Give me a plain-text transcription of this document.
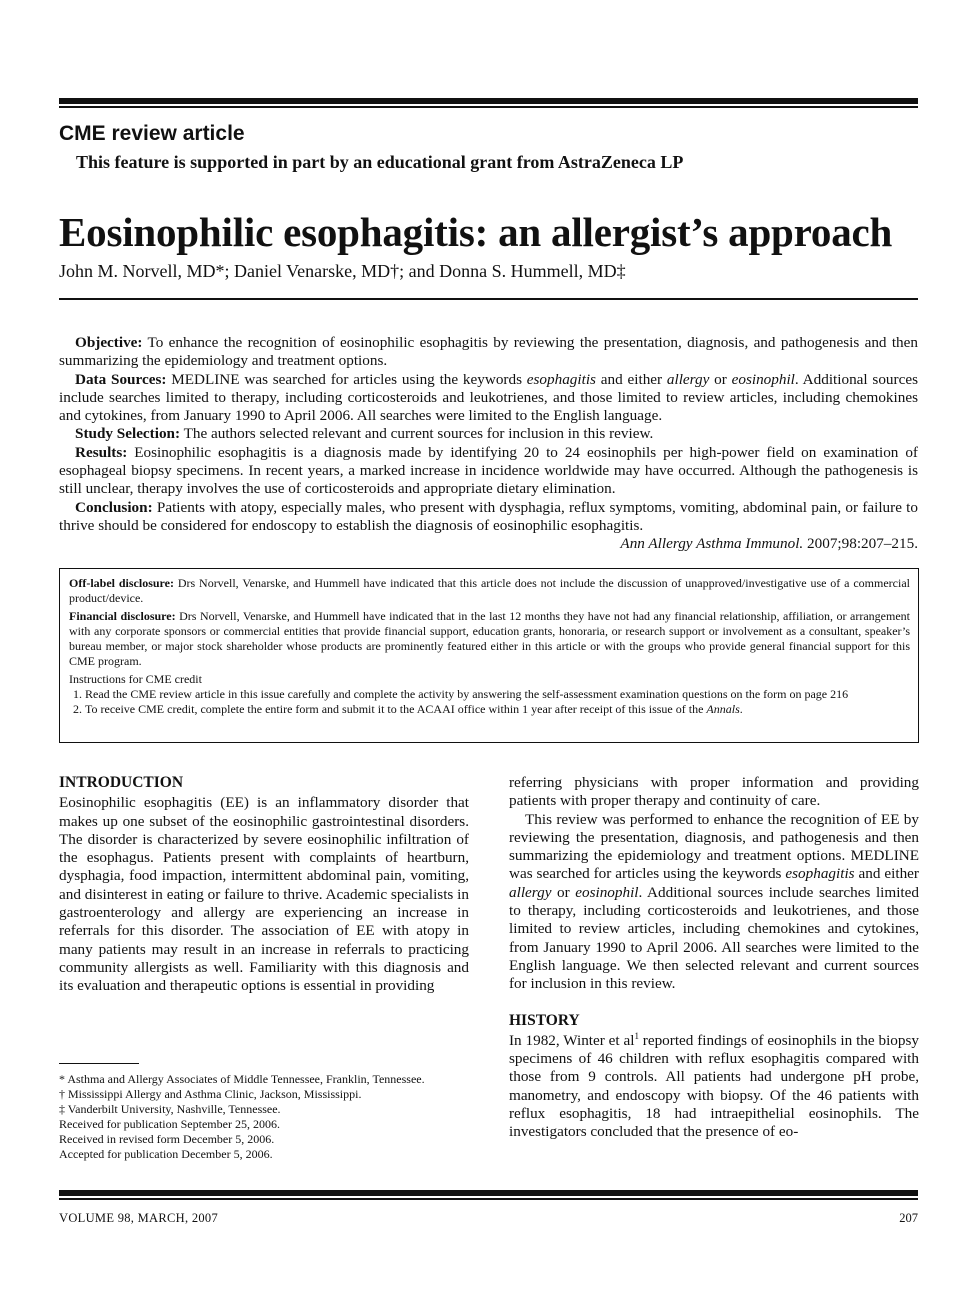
CME review article
This feature is supported in part by an educational grant from AstraZeneca LP
Eosinophilic esophagitis: an allergist’s approach
John M. Norvell, MD*; Daniel Venarske, MD†; and Donna S. Hummell, MD‡

Objective: To enhance the recognition of eosinophilic esophagitis by reviewing the presentation, diagnosis, and pathogenesis and then summarizing the epidemiology and treatment options.

Data Sources: MEDLINE was searched for articles using the keywords esophagitis and either allergy or eosinophil. Additional sources include searches limited to therapy, including corticosteroids and leukotrienes, and those limited to review articles, including chemokines and cytokines, from January 1990 to April 2006. All searches were limited to the English language.

Study Selection: The authors selected relevant and current sources for inclusion in this review.

Results: Eosinophilic esophagitis is a diagnosis made by identifying 20 to 24 eosinophils per high-power field on examination of esophageal biopsy specimens. In recent years, a marked increase in incidence worldwide may have occurred. Although the pathogenesis is still unclear, therapy involves the use of corticosteroids and appropriate dietary elimination.

Conclusion: Patients with atopy, especially males, who present with dysphagia, reflux symptoms, vomiting, abdominal pain, or failure to thrive should be considered for endoscopy to establish the diagnosis of eosinophilic esophagitis.

Ann Allergy Asthma Immunol. 2007;98:207–215.

Off-label disclosure: Drs Norvell, Venarske, and Hummell have indicated that this article does not include the discussion of unapproved/investigative use of a commercial product/device.

Financial disclosure: Drs Norvell, Venarske, and Hummell have indicated that in the last 12 months they have not had any financial relationship, affiliation, or arrangement with any corporate sponsors or commercial entities that provide financial support, education grants, honoraria, or research support or involvement as a consultant, speaker’s bureau member, or major stock shareholder whose products are prominently featured either in this article or with the groups who provide general financial support for this CME program.

Instructions for CME credit

1. Read the CME review article in this issue carefully and complete the activity by answering the self-assessment examination questions on the form on page 216
2. To receive CME credit, complete the entire form and submit it to the ACAAI office within 1 year after receipt of this issue of the Annals.
INTRODUCTION

Eosinophilic esophagitis (EE) is an inflammatory disorder that makes up one subset of the eosinophilic gastrointestinal disorders. The disorder is characterized by severe eosinophilic infiltration of the esophagus. Patients present with complaints of heartburn, dysphagia, food impaction, intermittent abdominal pain, vomiting, and disinterest in eating or failure to thrive. Academic specialists in gastroenterology and allergy are experiencing an increase in referrals for this disorder. The association of EE with atopy in many patients may result in an increase in referrals to practicing community allergists as well. Familiarity with this diagnosis and its evaluation and therapeutic options is essential in providing

referring physicians with proper information and providing patients with proper therapy and continuity of care.

This review was performed to enhance the recognition of EE by reviewing the presentation, diagnosis, and pathogenesis and then summarizing the epidemiology and treatment options. MEDLINE was searched for articles using the keywords esophagitis and either allergy or eosinophil. Additional sources include searches limited to therapy, including corticosteroids and leukotrienes, and those limited to review articles, including chemokines and cytokines, from January 1990 to April 2006. All searches were limited to the English language. We then selected relevant and current sources for inclusion in this review.

HISTORY

In 1982, Winter et $al^1$ reported findings of eosinophils in the biopsy specimens of 46 children with reflux esophagitis compared with those from 9 controls. All patients had undergone pH probe, manometry, and endoscopy with biopsy. Of the 46 patients with reflux esophagitis, 18 had intraepithelial eosinophils. The investigators concluded that the presence of eo-

* Asthma and Allergy Associates of Middle Tennessee, Franklin, Tennessee.
† Mississippi Allergy and Asthma Clinic, Jackson, Mississippi.
‡ Vanderbilt University, Nashville, Tennessee.
Received for publication September 25, 2006.
Received in revised form December 5, 2006.
Accepted for publication December 5, 2006.
VOLUME 98, MARCH, 2007	207
